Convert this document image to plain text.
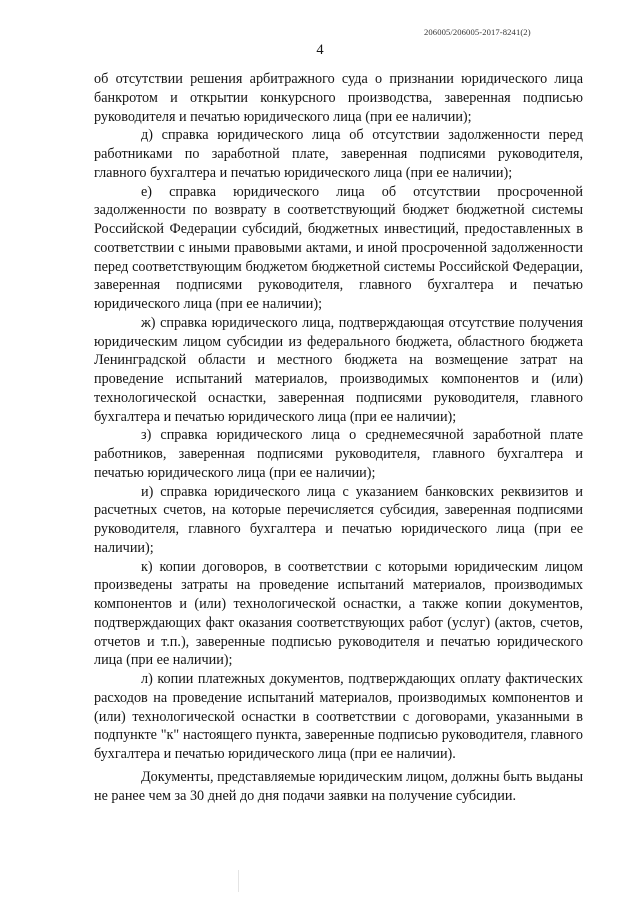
206005/206005-2017-8241(2)
4

об отсутствии решения арбитражного суда о признании юридического лица банкротом и открытии конкурсного производства, заверенная подписью руководителя и печатью юридического лица (при ее наличии);

д) справка юридического лица об отсутствии задолженности перед работниками по заработной плате, заверенная подписями руководителя, главного бухгалтера и печатью юридического лица (при ее наличии);

е) справка юридического лица об отсутствии просроченной задолженности по возврату в соответствующий бюджет бюджетной системы Российской Федерации субсидий, бюджетных инвестиций, предоставленных в соответствии с иными правовыми актами, и иной просроченной задолженности перед соответствующим бюджетом бюджетной системы Российской Федерации, заверенная подписями руководителя, главного бухгалтера и печатью юридического лица (при ее наличии);

ж) справка юридического лица, подтверждающая отсутствие получения юридическим лицом субсидии из федерального бюджета, областного бюджета Ленинградской области и местного бюджета на возмещение затрат на проведение испытаний материалов, производимых компонентов и (или) технологической оснастки, заверенная подписями руководителя, главного бухгалтера и печатью юридического лица (при ее наличии);

з) справка юридического лица о среднемесячной заработной плате работников, заверенная подписями руководителя, главного бухгалтера и печатью юридического лица (при ее наличии);

и) справка юридического лица с указанием банковских реквизитов и расчетных счетов, на которые перечисляется субсидия, заверенная подписями руководителя, главного бухгалтера и печатью юридического лица (при ее наличии);

к) копии договоров, в соответствии с которыми юридическим лицом произведены затраты на проведение испытаний материалов, производимых компонентов и (или) технологической оснастки, а также копии документов, подтверждающих факт оказания соответствующих работ (услуг) (актов, счетов, отчетов и т.п.), заверенные подписью руководителя и печатью юридического лица (при ее наличии);

л) копии платежных документов, подтверждающих оплату фактических расходов на проведение испытаний материалов, производимых компонентов и (или) технологической оснастки в соответствии с договорами, указанными в подпункте "к" настоящего пункта, заверенные подписью руководителя, главного бухгалтера и печатью юридического лица (при ее наличии).

Документы, представляемые юридическим лицом, должны быть выданы не ранее чем за 30 дней до дня подачи заявки на получение субсидии.
